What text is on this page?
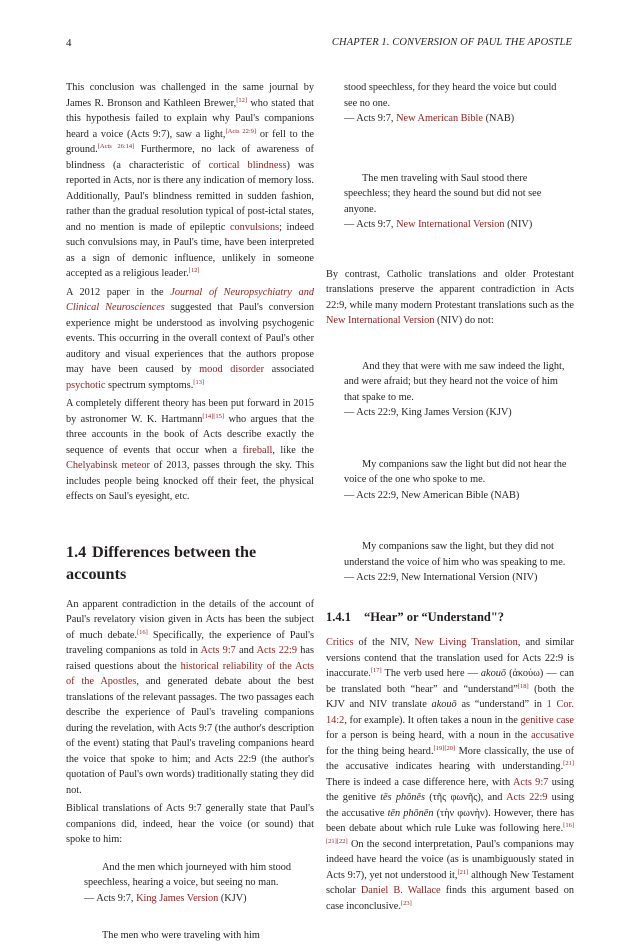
4	CHAPTER 1. CONVERSION OF PAUL THE APOSTLE

This conclusion was challenged in the same journal by James R. Bronson and Kathleen Brewer,[12] who stated that this hypothesis failed to explain why Paul's companions heard a voice (Acts 9:7), saw a light,[Acts 22:9] or fell to the ground.[Acts 26:14] Furthermore, no lack of awareness of blindness (a characteristic of cortical blindness) was reported in Acts, nor is there any indication of memory loss. Additionally, Paul's blindness remitted in sudden fashion, rather than the gradual resolution typical of post-ictal states, and no mention is made of epileptic convulsions; indeed such convulsions may, in Paul's time, have been interpreted as a sign of demonic influence, unlikely in someone accepted as a religious leader.[12]

A 2012 paper in the Journal of Neuropsychiatry and Clinical Neurosciences suggested that Paul's conversion experience might be understood as involving psychogenic events. This occurring in the overall context of Paul's other auditory and visual experiences that the authors propose may have been caused by mood disorder associated psychotic spectrum symptoms.[13]

A completely different theory has been put forward in 2015 by astronomer W. K. Hartmann[14][15] who argues that the three accounts in the book of Acts describe exactly the sequence of events that occur when a fireball, like the Chelyabinsk meteor of 2013, passes through the sky. This includes people being knocked off their feet, the physical effects on Saul's eyesight, etc.

1.4 Differences between the accounts

An apparent contradiction in the details of the account of Paul's revelatory vision given in Acts has been the subject of much debate.[16] Specifically, the experience of Paul's traveling companions as told in Acts 9:7 and Acts 22:9 has raised questions about the historical reliability of the Acts of the Apostles, and generated debate about the best translations of the relevant passages. The two passages each describe the experience of Paul's traveling companions during the revelation, with Acts 9:7 (the author's description of the event) stating that Paul's traveling companions heard the voice that spoke to him; and Acts 22:9 (the author's quotation of Paul's own words) traditionally stating they did not.

Biblical translations of Acts 9:7 generally state that Paul's companions did, indeed, hear the voice (or sound) that spoke to him:

And the men which journeyed with him stood speechless, hearing a voice, but seeing no man.
— Acts 9:7, King James Version (KJV)
The men who were traveling with him
stood speechless, for they heard the voice but could see no one.
— Acts 9:7, New American Bible (NAB)
The men traveling with Saul stood there speechless; they heard the sound but did not see anyone.
— Acts 9:7, New International Version (NIV)

By contrast, Catholic translations and older Protestant translations preserve the apparent contradiction in Acts 22:9, while many modern Protestant translations such as the New International Version (NIV) do not:

And they that were with me saw indeed the light, and were afraid; but they heard not the voice of him that spake to me.
— Acts 22:9, King James Version (KJV)
My companions saw the light but did not hear the voice of the one who spoke to me.
— Acts 22:9, New American Bible (NAB)
My companions saw the light, but they did not understand the voice of him who was speaking to me.
— Acts 22:9, New International Version (NIV)
1.4.1 “Hear” or “Understand"?

Critics of the NIV, New Living Translation, and similar versions contend that the translation used for Acts 22:9 is inaccurate.[17] The verb used here — akouō (ἀκούω) — can be translated both “hear” and “understand”[18] (both the KJV and NIV translate akouō as “understand” in 1 Cor. 14:2, for example). It often takes a noun in the genitive case for a person is being heard, with a noun in the accusative for the thing being heard.[19][20] More classically, the use of the accusative indicates hearing with understanding.[21] There is indeed a case difference here, with Acts 9:7 using the genitive tēs phōnēs (τῆς φωνῆς), and Acts 22:9 using the accusative tēn phōnēn (τὴν φωνὴν). However, there has been debate about which rule Luke was following here.[16][21][22] On the second interpretation, Paul's companions may indeed have heard the voice (as is unambiguously stated in Acts 9:7), yet not understood it,[21] although New Testament scholar Daniel B. Wallace finds this argument based on case inconclusive.[23]
